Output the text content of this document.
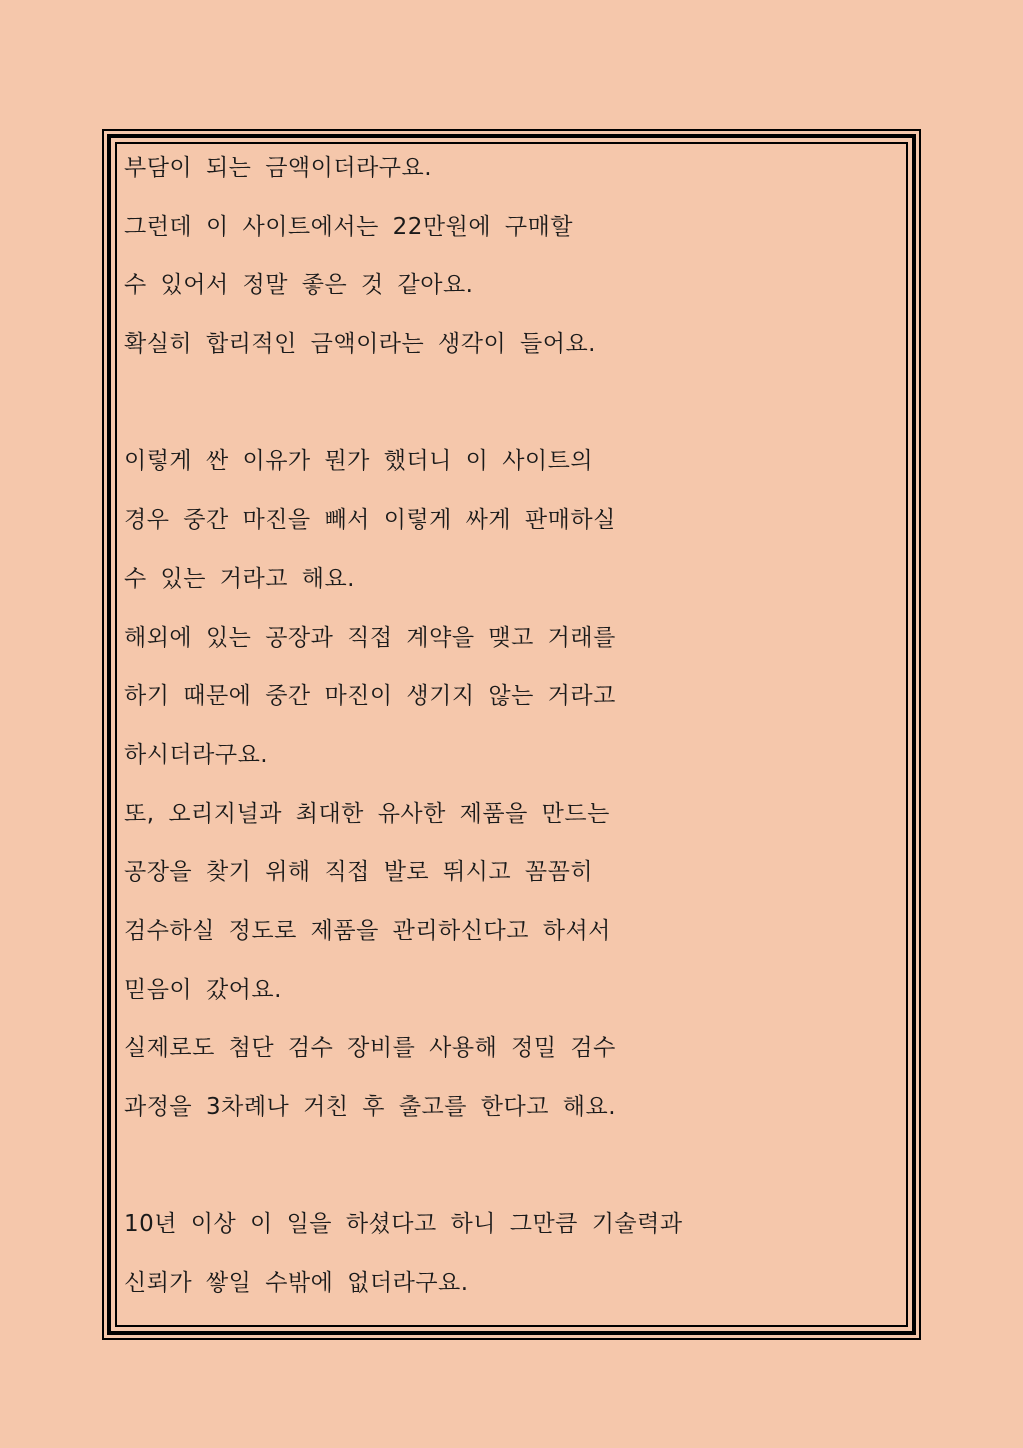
부담이 되는 금액이더라구요.
그런데 이 사이트에서는 22만원에 구매할
수 있어서 정말 좋은 것 같아요.
확실히 합리적인 금액이라는 생각이 들어요.
이렇게 싼 이유가 뭔가 했더니 이 사이트의
경우 중간 마진을 빼서 이렇게 싸게 판매하실
수 있는 거라고 해요.
해외에 있는 공장과 직접 계약을 맺고 거래를
하기 때문에 중간 마진이 생기지 않는 거라고
하시더라구요.
또, 오리지널과 최대한 유사한 제품을 만드는
공장을 찾기 위해 직접 발로 뛰시고 꼼꼼히
검수하실 정도로 제품을 관리하신다고 하셔서
믿음이 갔어요.
실제로도 첨단 검수 장비를 사용해 정밀 검수
과정을 3차례나 거친 후 출고를 한다고 해요.
10년 이상 이 일을 하셨다고 하니 그만큼 기술력과
신뢰가 쌓일 수밖에 없더라구요.
